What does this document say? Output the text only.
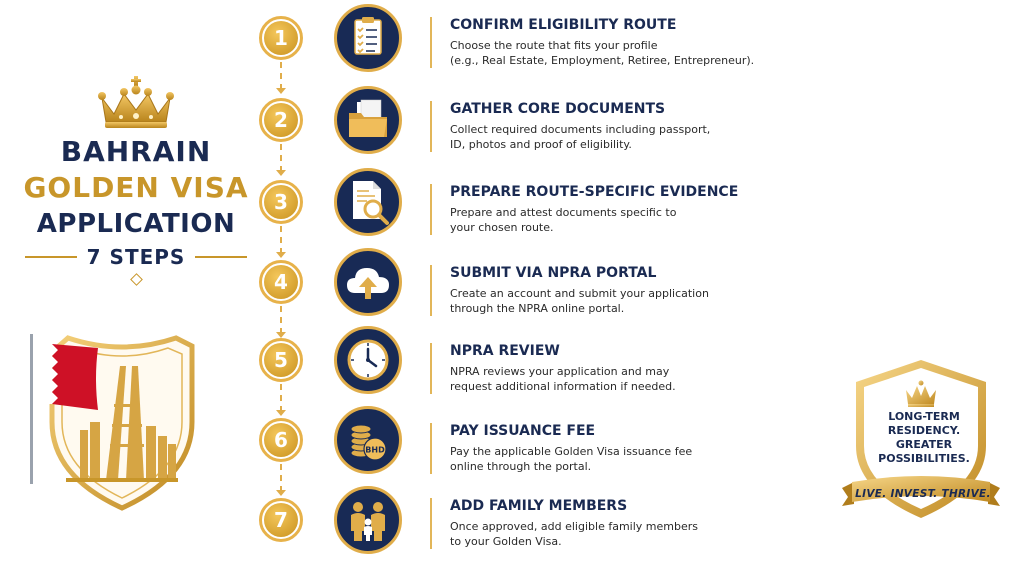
BAHRAIN
GOLDEN VISA
APPLICATION
7 STEPS
1
CONFIRM ELIGIBILITY ROUTE
Choose the route that fits your profile
(e.g., Real Estate, Employment, Retiree, Entrepreneur).
2	GATHER CORE DOCUMENTS
Collect required documents including passport,
ID, photos and proof of eligibility.
3	PREPARE ROUTE-SPECIFIC EVIDENCE
Prepare and attest documents specific to
your chosen route.
4	SUBMIT VIA NPRA PORTAL
Create an account and submit your application
through the NPRA online portal.
5	NPRA REVIEW
NPRA reviews your application and may
request additional information if needed.
6	BHD
PAY ISSUANCE FEE
Pay the applicable Golden Visa issuance fee
online through the portal.
7
ADD FAMILY MEMBERS
Once approved, add eligible family members
to your Golden Visa.
LONG-TERM
RESIDENCY.
GREATER
POSSIBILITIES.
LIVE. INVEST. THRIVE.
